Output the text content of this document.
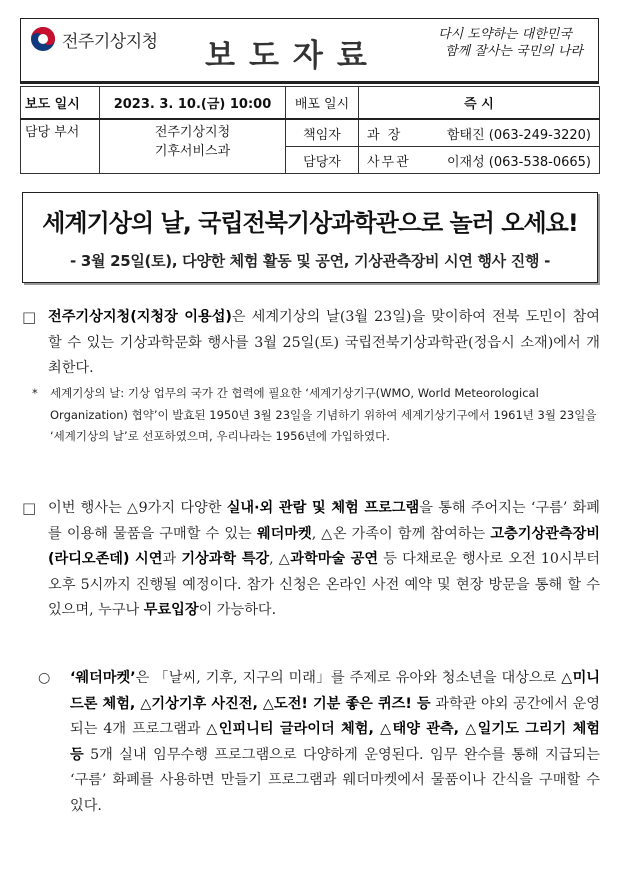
전주기상지청 보도자료
다시 도약하는 대한민국
함께 잘사는 국민의 나라
보도 일시	2023. 3. 10.(금) 10:00	배포 일시	즉 시
담당 부서	전주기상지청
기후서비스과
	책임자	과 장	함태진 (063-249-3220)

		담당자	사무관 이재성 (063-538-0665)
세계기상의 날, 국립전북기상과학관으로 놀러 오세요!
- 3월 25일(토), 다양한 체험 활동 및 공연, 기상관측장비 시연 행사 진행 -
□ 전주기상지청(지청장 이용섭)은 세계기상의 날(3월 23일)을 맞이하여 전북 도민이 참여할 수 있는 기상과학문화 행사를 3월 25일(토) 국립전북기상과학관(정읍시 소재)에서 개최한다.
* 세계기상의 날: 기상 업무의 국가 간 협력에 필요한 ‘세계기상기구(WMO, World Meteorological Organization) 협약’이 발효된 1950년 3월 23일을 기념하기 위하여 세계기상기구에서 1961년 3월 23일을 ‘세계기상의 날’로 선포하였으며, 우리나라는 1956년에 가입하였다.
□ 이번 행사는 △9가지 다양한 실내·외 관람 및 체험 프로그램을 통해 주어지는 ‘구름’ 화폐를 이용해 물품을 구매할 수 있는 웨더마켓, △온 가족이 함께 참여하는 고층기상관측장비(라디오존데) 시연과 기상과학 특강, △과학마술 공연 등 다채로운 행사로 오전 10시부터 오후 5시까지 진행될 예정이다. 참가 신청은 온라인 사전 예약 및 현장 방문을 통해 할 수 있으며, 누구나 무료입장이 가능하다.
○ ‘웨더마켓’은 「날씨, 기후, 지구의 미래」를 주제로 유아와 청소년을 대상으로 △미니 드론 체험, △기상기후 사진전, △도전! 기분 좋은 퀴즈! 등 과학관 야외 공간에서 운영되는 4개 프로그램과 △인피니티 글라이더 체험, △태양 관측, △일기도 그리기 체험 등 5개 실내 임무수행 프로그램으로 다양하게 운영된다. 임무 완수를 통해 지급되는 ‘구름’ 화폐를 사용하면 만들기 프로그램과 웨더마켓에서 물품이나 간식을 구매할 수 있다.
